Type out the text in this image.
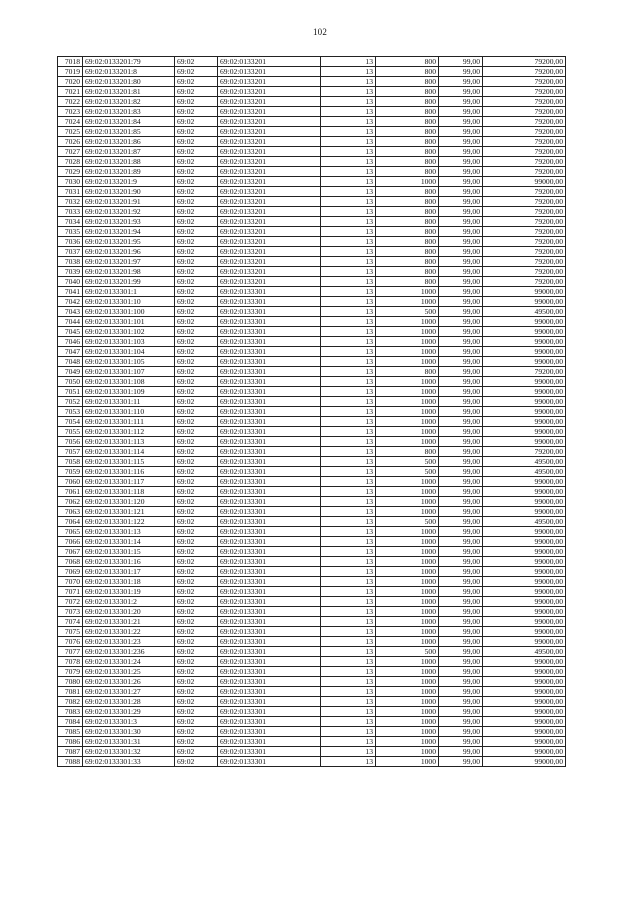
102
7018	69:02:0133201:79	69:02	69:02:0133201	13	800	99,00	79200,00
7019	69:02:0133201:8	69:02	69:02:0133201	13	800	99,00	79200,00
7020	69:02:0133201:80	69:02	69:02:0133201	13	800	99,00	79200,00
7021	69:02:0133201:81	69:02	69:02:0133201	13	800	99,00	79200,00
7022	69:02:0133201:82	69:02	69:02:0133201	13	800	99,00	79200,00
7023	69:02:0133201:83	69:02	69:02:0133201	13	800	99,00	79200,00
7024	69:02:0133201:84	69:02	69:02:0133201	13	800	99,00	79200,00
7025	69:02:0133201:85	69:02	69:02:0133201	13	800	99,00	79200,00
7026	69:02:0133201:86	69:02	69:02:0133201	13	800	99,00	79200,00
7027	69:02:0133201:87	69:02	69:02:0133201	13	800	99,00	79200,00
7028	69:02:0133201:88	69:02	69:02:0133201	13	800	99,00	79200,00
7029	69:02:0133201:89	69:02	69:02:0133201	13	800	99,00	79200,00
7030	69:02:0133201:9	69:02	69:02:0133201	13	1000	99,00	99000,00
7031	69:02:0133201:90	69:02	69:02:0133201	13	800	99,00	79200,00
7032	69:02:0133201:91	69:02	69:02:0133201	13	800	99,00	79200,00
7033	69:02:0133201:92	69:02	69:02:0133201	13	800	99,00	79200,00
7034	69:02:0133201:93	69:02	69:02:0133201	13	800	99,00	79200,00
7035	69:02:0133201:94	69:02	69:02:0133201	13	800	99,00	79200,00
7036	69:02:0133201:95	69:02	69:02:0133201	13	800	99,00	79200,00
7037	69:02:0133201:96	69:02	69:02:0133201	13	800	99,00	79200,00
7038	69:02:0133201:97	69:02	69:02:0133201	13	800	99,00	79200,00
7039	69:02:0133201:98	69:02	69:02:0133201	13	800	99,00	79200,00
7040	69:02:0133201:99	69:02	69:02:0133201	13	800	99,00	79200,00
7041	69:02:0133301:1	69:02	69:02:0133301	13	1000	99,00	99000,00
7042	69:02:0133301:10	69:02	69:02:0133301	13	1000	99,00	99000,00
7043	69:02:0133301:100	69:02	69:02:0133301	13	500	99,00	49500,00
7044	69:02:0133301:101	69:02	69:02:0133301	13	1000	99,00	99000,00
7045	69:02:0133301:102	69:02	69:02:0133301	13	1000	99,00	99000,00
7046	69:02:0133301:103	69:02	69:02:0133301	13	1000	99,00	99000,00
7047	69:02:0133301:104	69:02	69:02:0133301	13	1000	99,00	99000,00
7048	69:02:0133301:105	69:02	69:02:0133301	13	1000	99,00	99000,00
7049	69:02:0133301:107	69:02	69:02:0133301	13	800	99,00	79200,00
7050	69:02:0133301:108	69:02	69:02:0133301	13	1000	99,00	99000,00
7051	69:02:0133301:109	69:02	69:02:0133301	13	1000	99,00	99000,00
7052	69:02:0133301:11	69:02	69:02:0133301	13	1000	99,00	99000,00
7053	69:02:0133301:110	69:02	69:02:0133301	13	1000	99,00	99000,00
7054	69:02:0133301:111	69:02	69:02:0133301	13	1000	99,00	99000,00
7055	69:02:0133301:112	69:02	69:02:0133301	13	1000	99,00	99000,00
7056	69:02:0133301:113	69:02	69:02:0133301	13	1000	99,00	99000,00
7057	69:02:0133301:114	69:02	69:02:0133301	13	800	99,00	79200,00
7058	69:02:0133301:115	69:02	69:02:0133301	13	500	99,00	49500,00
7059	69:02:0133301:116	69:02	69:02:0133301	13	500	99,00	49500,00
7060	69:02:0133301:117	69:02	69:02:0133301	13	1000	99,00	99000,00
7061	69:02:0133301:118	69:02	69:02:0133301	13	1000	99,00	99000,00
7062	69:02:0133301:120	69:02	69:02:0133301	13	1000	99,00	99000,00
7063	69:02:0133301:121	69:02	69:02:0133301	13	1000	99,00	99000,00
7064	69:02:0133301:122	69:02	69:02:0133301	13	500	99,00	49500,00
7065	69:02:0133301:13	69:02	69:02:0133301	13	1000	99,00	99000,00
7066	69:02:0133301:14	69:02	69:02:0133301	13	1000	99,00	99000,00
7067	69:02:0133301:15	69:02	69:02:0133301	13	1000	99,00	99000,00
7068	69:02:0133301:16	69:02	69:02:0133301	13	1000	99,00	99000,00
7069	69:02:0133301:17	69:02	69:02:0133301	13	1000	99,00	99000,00
7070	69:02:0133301:18	69:02	69:02:0133301	13	1000	99,00	99000,00
7071	69:02:0133301:19	69:02	69:02:0133301	13	1000	99,00	99000,00
7072	69:02:0133301:2	69:02	69:02:0133301	13	1000	99,00	99000,00
7073	69:02:0133301:20	69:02	69:02:0133301	13	1000	99,00	99000,00
7074	69:02:0133301:21	69:02	69:02:0133301	13	1000	99,00	99000,00
7075	69:02:0133301:22	69:02	69:02:0133301	13	1000	99,00	99000,00
7076	69:02:0133301:23	69:02	69:02:0133301	13	1000	99,00	99000,00
7077	69:02:0133301:236	69:02	69:02:0133301	13	500	99,00	49500,00
7078	69:02:0133301:24	69:02	69:02:0133301	13	1000	99,00	99000,00
7079	69:02:0133301:25	69:02	69:02:0133301	13	1000	99,00	99000,00
7080	69:02:0133301:26	69:02	69:02:0133301	13	1000	99,00	99000,00
7081	69:02:0133301:27	69:02	69:02:0133301	13	1000	99,00	99000,00
7082	69:02:0133301:28	69:02	69:02:0133301	13	1000	99,00	99000,00
7083	69:02:0133301:29	69:02	69:02:0133301	13	1000	99,00	99000,00
7084	69:02:0133301:3	69:02	69:02:0133301	13	1000	99,00	99000,00
7085	69:02:0133301:30	69:02	69:02:0133301	13	1000	99,00	99000,00
7086	69:02:0133301:31	69:02	69:02:0133301	13	1000	99,00	99000,00
7087	69:02:0133301:32	69:02	69:02:0133301	13	1000	99,00	99000,00
7088	69:02:0133301:33	69:02	69:02:0133301	13	1000	99,00	99000,00
